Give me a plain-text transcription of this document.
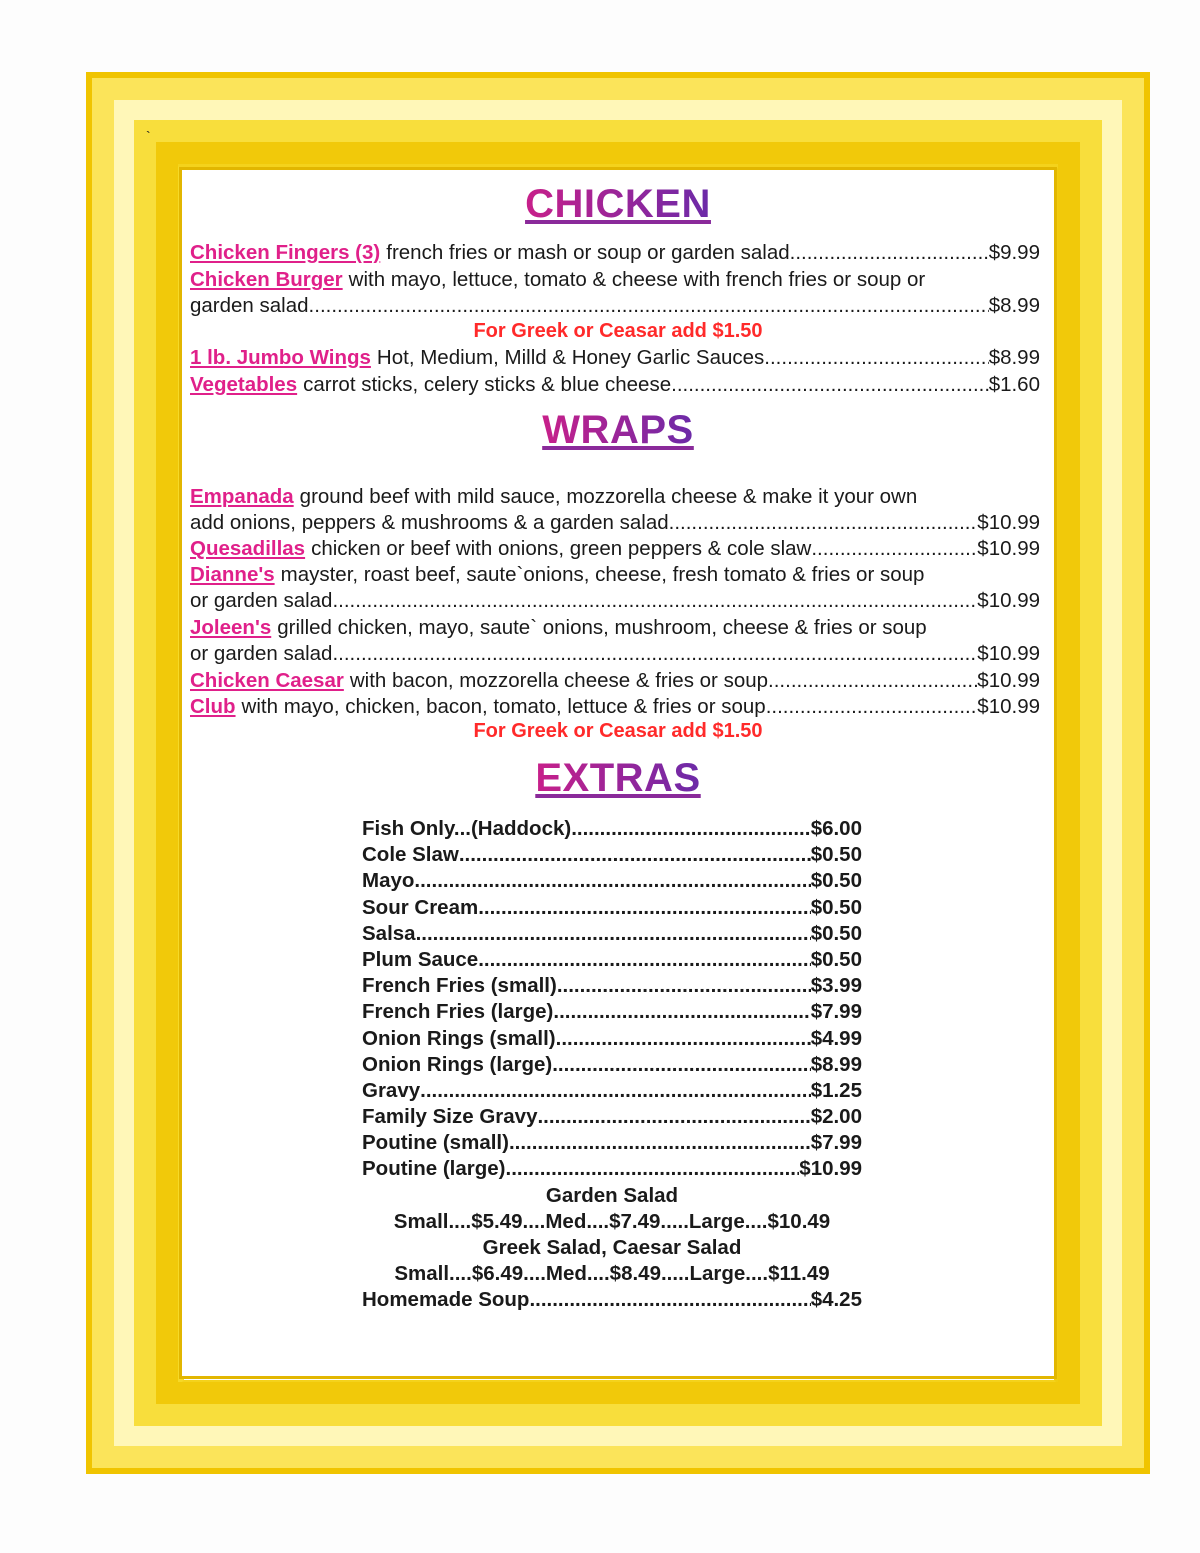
`
CHICKEN
Chicken Fingers (3) french fries or mash or soup or garden salad .....	$9.99
Chicken Burger with mayo, lettuce, tomato & cheese with french fries or soup or
garden salad .....	$8.99
For Greek or Ceasar add $1.50
1 lb. Jumbo Wings Hot, Medium, Milld & Honey Garlic Sauces .....	$8.99
Vegetables carrot sticks, celery sticks & blue cheese .....	$1.60
WRAPS
Empanada ground beef with mild sauce, mozzorella cheese & make it your own
add onions, peppers & mushrooms & a garden salad .....	$10.99
Quesadillas chicken or beef with onions, green peppers & cole slaw .....	$10.99
Dianne's mayster, roast beef, saute`onions, cheese, fresh tomato & fries or soup
or garden salad .....	$10.99
Joleen's grilled chicken, mayo, saute` onions, mushroom, cheese & fries or soup
or garden salad .....	$10.99
Chicken Caesar with bacon, mozzorella cheese & fries or soup .....	$10.99
Club with mayo, chicken, bacon, tomato, lettuce & fries or soup .....	$10.99
For Greek or Ceasar add $1.50
EXTRAS
Fish Only...(Haddock) .....	$6.00
Cole Slaw .....	$0.50
Mayo .....	$0.50
Sour Cream .....	$0.50
Salsa .....	$0.50
Plum Sauce .....	$0.50
French Fries (small) .....	$3.99
French Fries (large) .....	$7.99
Onion Rings (small) .....	$4.99
Onion Rings (large) .....	$8.99
Gravy .....	$1.25
Family Size Gravy .....	$2.00
Poutine (small) .....	$7.99
Poutine (large) .....	$10.99
Garden Salad
Small....$5.49....Med....$7.49.....Large....$10.49
Greek Salad, Caesar Salad
Small....$6.49....Med....$8.49.....Large....$11.49
Homemade Soup .....	$4.25
